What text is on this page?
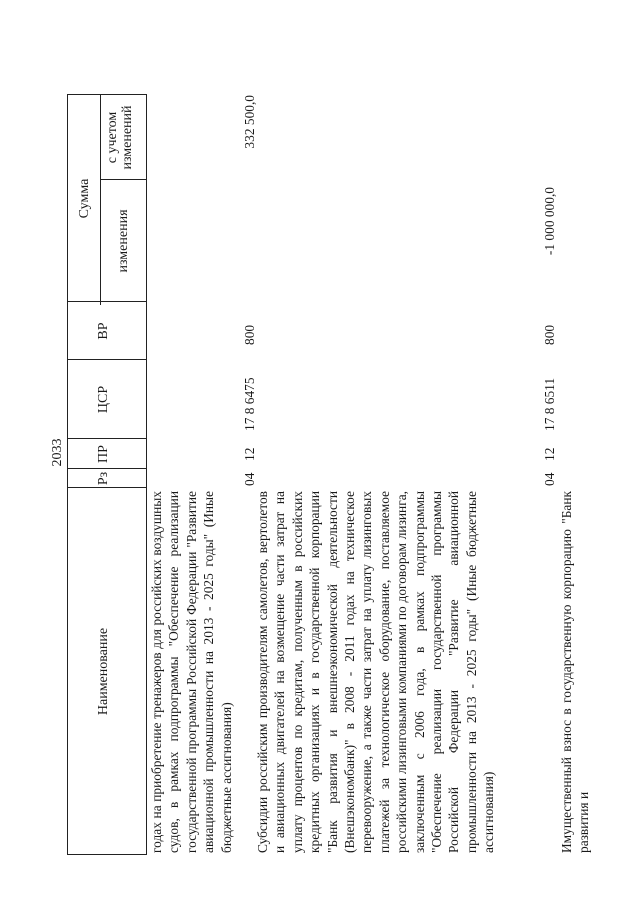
2033
Наименование
Рз
ПР
ЦСР
ВР
Сумма
изменения
с учетом изменений
годах на приобретение тренажеров для российских воздушных судов, в рамках подпрограммы "Обеспечение реализации государственной программы Российской Федерации "Развитие авиационной промышленности на 2013 - 2025 годы" (Иные бюджетные ассигнования)
04
12
17 8 6475
800
332 500,0
Субсидии российским производителям самолетов, вертолетов и авиационных двигателей на возмещение части затрат на уплату процентов по кредитам, полученным в российских кредитных организациях и в государственной корпорации "Банк развития и внешнеэкономической деятельности (Внешэкономбанк)" в 2008 - 2011 годах на техническое перевооружение, а также части затрат на уплату лизинговых платежей за технологическое оборудование, поставляемое российскими лизинговыми компаниями по договорам лизинга, заключенным с 2006 года, в рамках подпрограммы "Обеспечение реализации государственной программы Российской Федерации "Развитие авиационной промышленности на 2013 - 2025 годы" (Иные бюджетные ассигнования)
04
12
17 8 6511
800
-1 000 000,0
Имущественный взнос в государственную корпорацию "Банк развития и
